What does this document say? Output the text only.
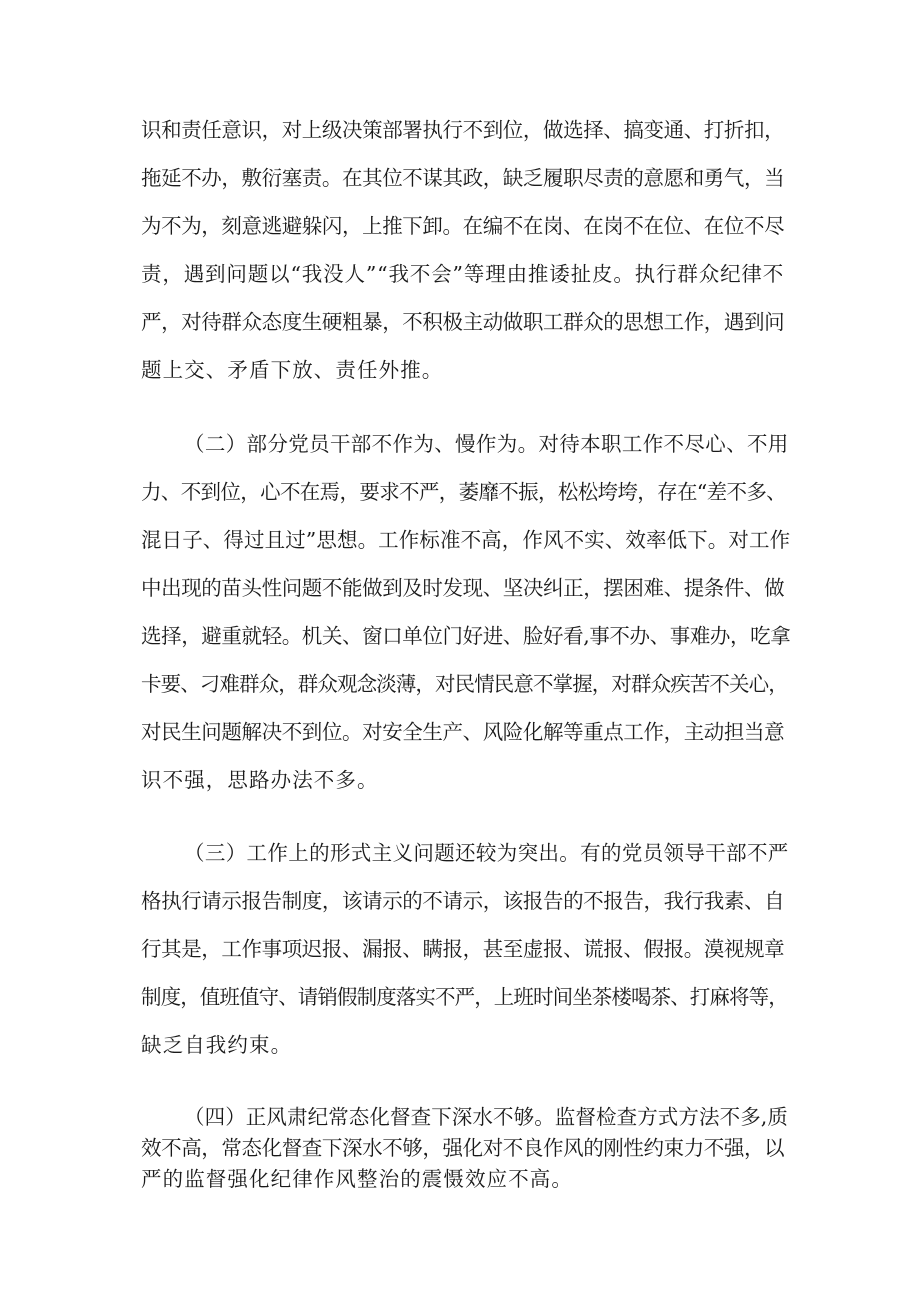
识和责任意识，对上级决策部署执行不到位，做选择、搞变通、打折扣，
拖延不办，敷衍塞责。在其位不谋其政，缺乏履职尽责的意愿和勇气，当
为不为，刻意逃避躲闪，上推下卸。在编不在岗、在岗不在位、在位不尽
责，遇到问题以“我没人”“我不会”等理由推诿扯皮。执行群众纪律不
严，对待群众态度生硬粗暴，不积极主动做职工群众的思想工作，遇到问
题上交、矛盾下放、责任外推。
（二）部分党员干部不作为、慢作为。对待本职工作不尽心、不用
力、不到位，心不在焉，要求不严，萎靡不振，松松垮垮，存在“差不多、
混日子、得过且过”思想。工作标准不高，作风不实、效率低下。对工作
中出现的苗头性问题不能做到及时发现、坚决纠正，摆困难、提条件、做
选择，避重就轻。机关、窗口单位门好进、脸好看,事不办、事难办，吃拿
卡要、刁难群众，群众观念淡薄，对民情民意不掌握，对群众疾苦不关心，
对民生问题解决不到位。对安全生产、风险化解等重点工作，主动担当意
识不强，思路办法不多。
（三）工作上的形式主义问题还较为突出。有的党员领导干部不严
格执行请示报告制度，该请示的不请示，该报告的不报告，我行我素、自
行其是，工作事项迟报、漏报、瞒报，甚至虚报、谎报、假报。漠视规章
制度，值班值守、请销假制度落实不严，上班时间坐茶楼喝茶、打麻将等，
缺乏自我约束。
（四）正风肃纪常态化督查下深水不够。监督检查方式方法不多,质
效不高，常态化督查下深水不够，强化对不良作风的刚性约束力不强，以
严的监督强化纪律作风整治的震慑效应不高。
